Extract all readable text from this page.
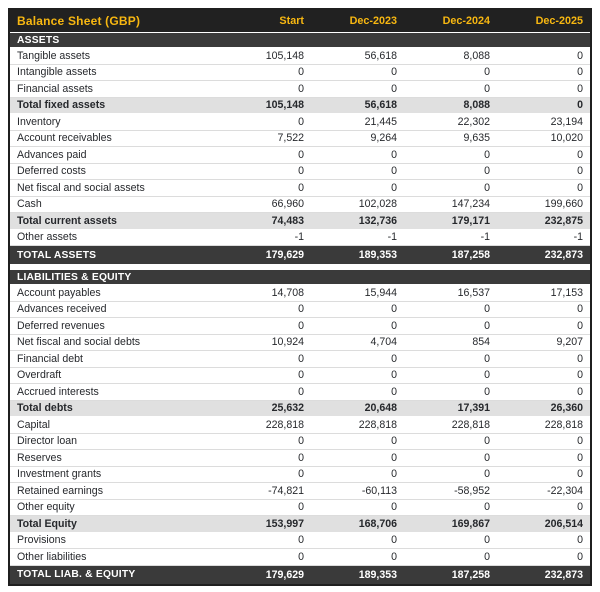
Balance Sheet (GBP)	Start	Dec-2023	Dec-2024	Dec-2025
ASSETS
Tangible assets	105,148	56,618	8,088	0
Intangible assets	0	0	0	0
Financial assets	0	0	0	0
Total fixed assets	105,148	56,618	8,088	0
Inventory	0	21,445	22,302	23,194
Account receivables	7,522	9,264	9,635	10,020
Advances paid	0	0	0	0
Deferred costs	0	0	0	0
Net fiscal and social assets	0	0	0	0
Cash	66,960	102,028	147,234	199,660
Total current assets	74,483	132,736	179,171	232,875
Other assets	-1	-1	-1	-1
TOTAL ASSETS	179,629	189,353	187,258	232,873
LIABILITIES & EQUITY
Account payables	14,708	15,944	16,537	17,153
Advances received	0	0	0	0
Deferred revenues	0	0	0	0
Net fiscal and social debts	10,924	4,704	854	9,207
Financial debt	0	0	0	0
Overdraft	0	0	0	0
Accrued interests	0	0	0	0
Total debts	25,632	20,648	17,391	26,360
Capital	228,818	228,818	228,818	228,818
Director loan	0	0	0	0
Reserves	0	0	0	0
Investment grants	0	0	0	0
Retained earnings	-74,821	-60,113	-58,952	-22,304
Other equity	0	0	0	0
Total Equity	153,997	168,706	169,867	206,514
Provisions	0	0	0	0
Other liabilities	0	0	0	0
TOTAL LIAB. & EQUITY	179,629	189,353	187,258	232,873
